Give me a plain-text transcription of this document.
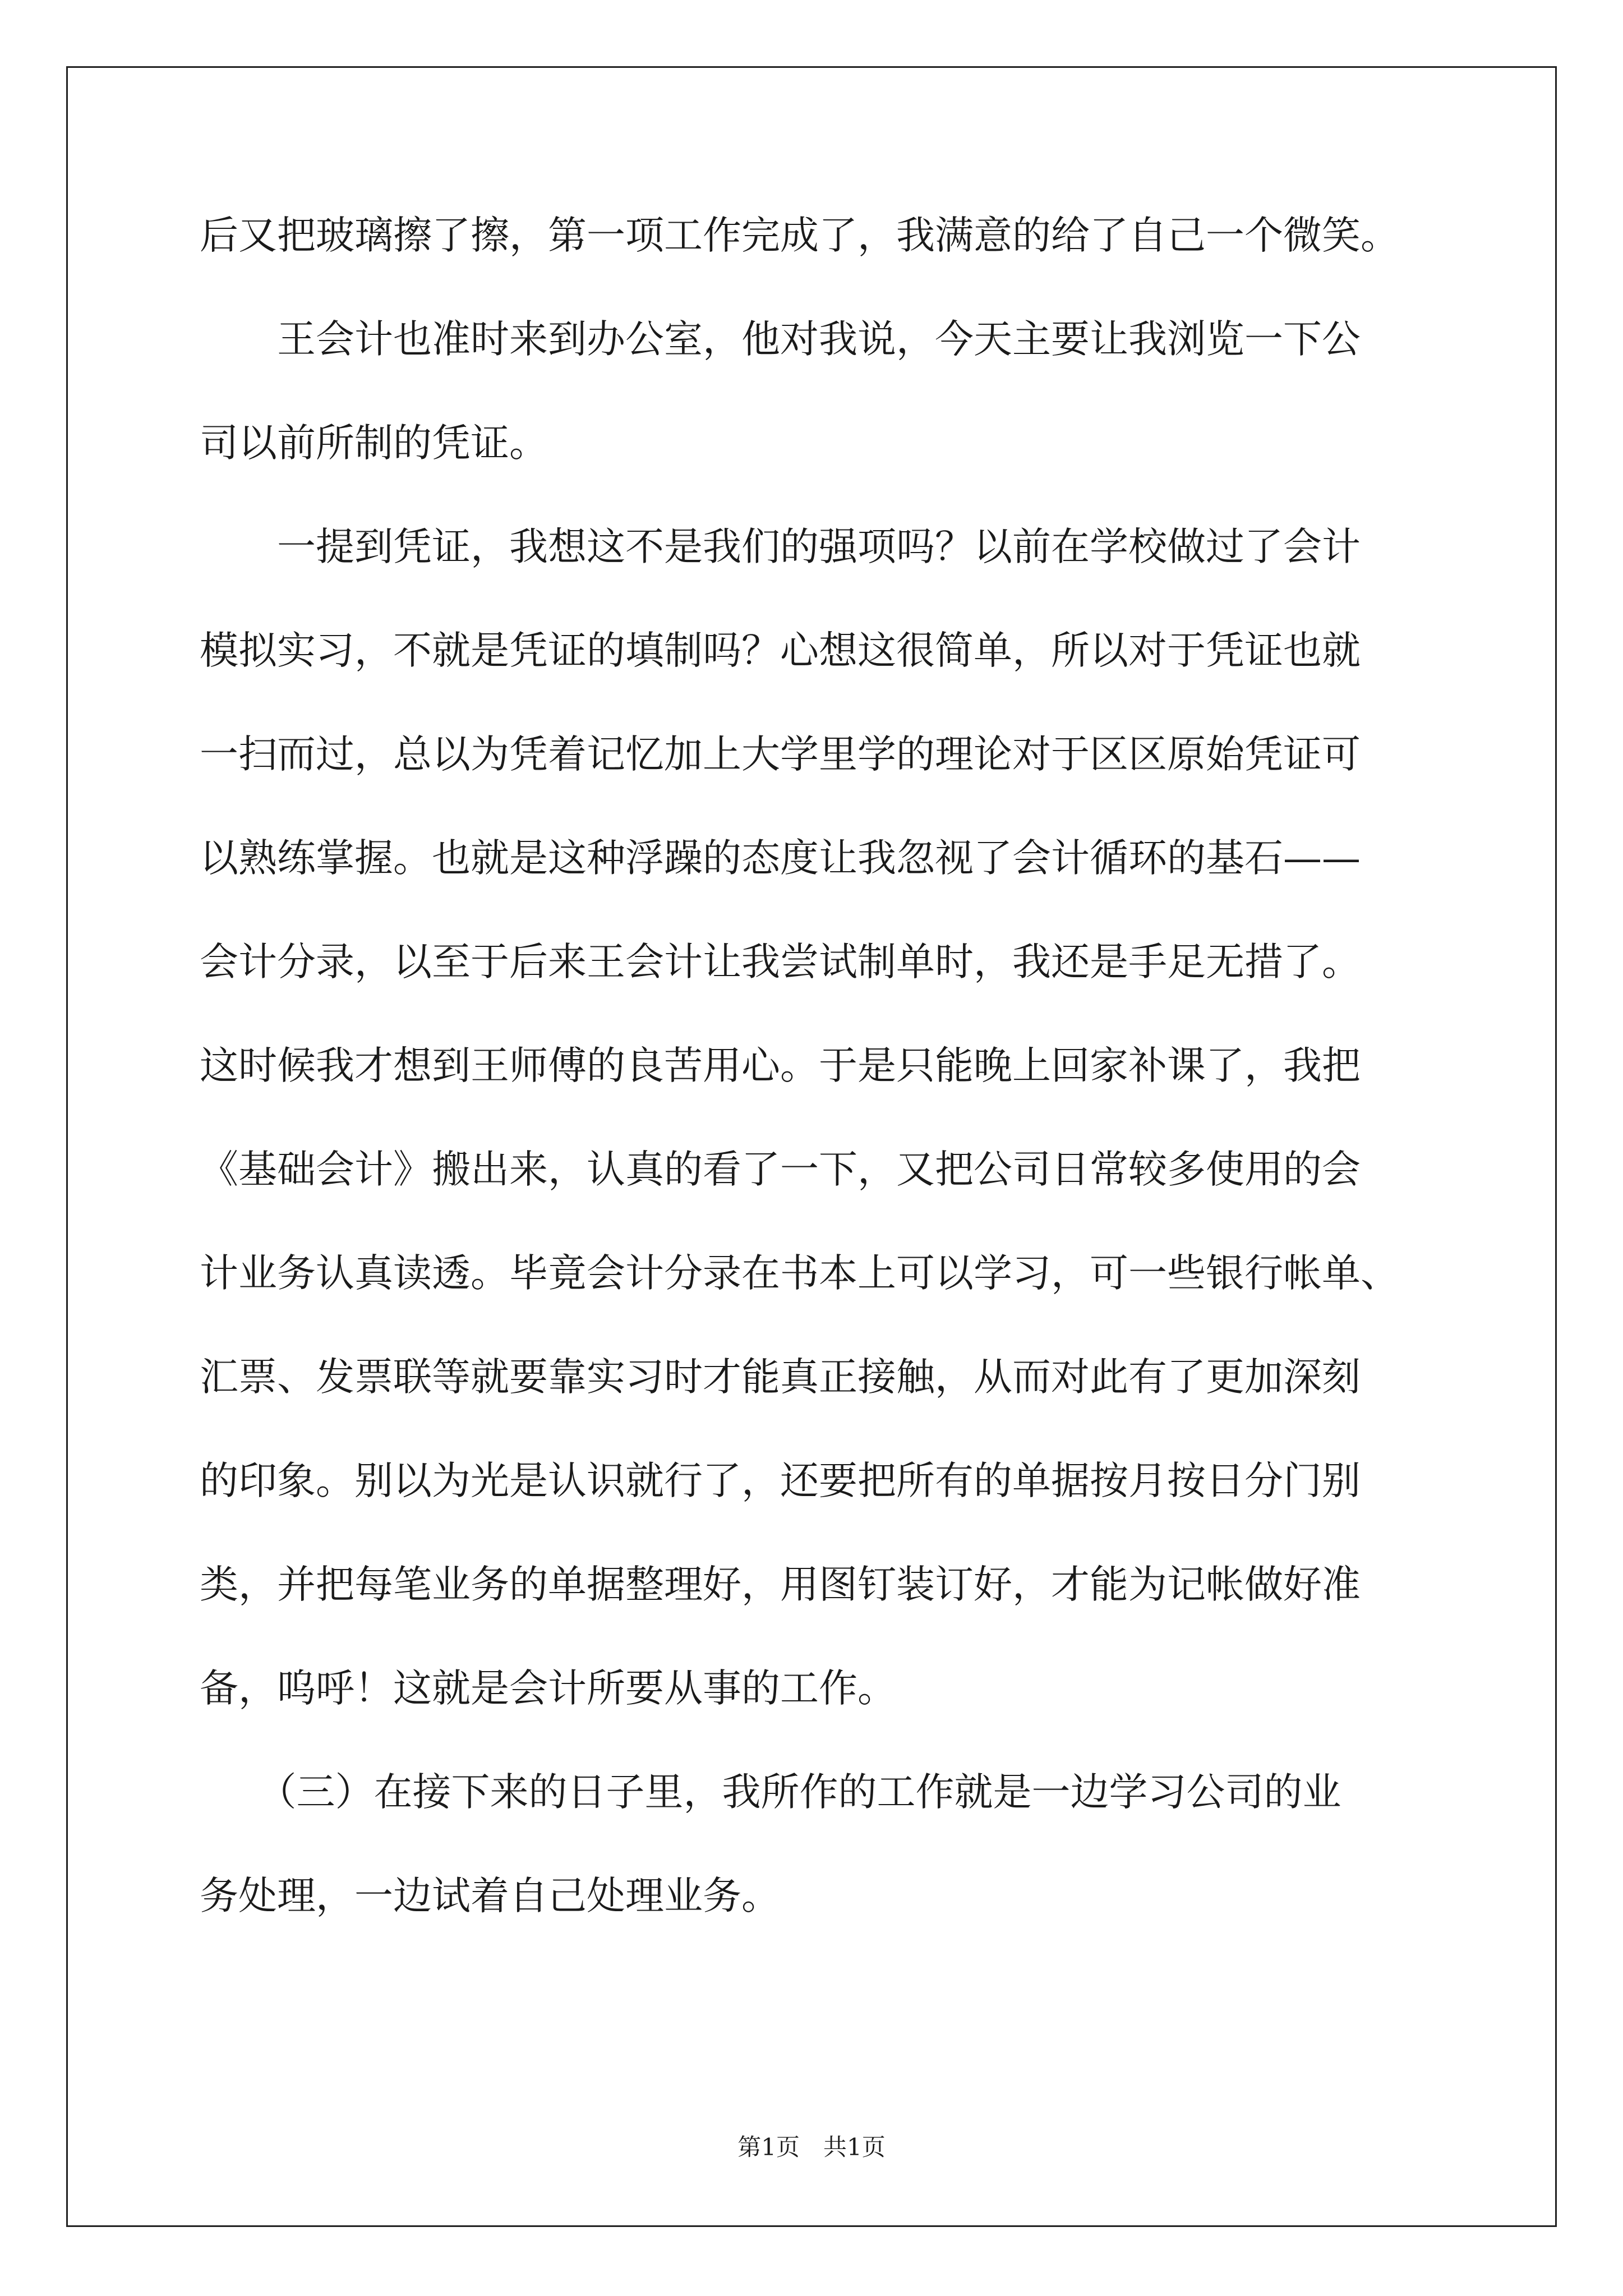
后又把玻璃擦了擦，第一项工作完成了，我满意的给了自己一个微笑。
　　王会计也准时来到办公室，他对我说，今天主要让我浏览一下公
司以前所制的凭证。
　　一提到凭证，我想这不是我们的强项吗？以前在学校做过了会计
模拟实习，不就是凭证的填制吗？心想这很简单，所以对于凭证也就
一扫而过，总以为凭着记忆加上大学里学的理论对于区区原始凭证可
以熟练掌握。也就是这种浮躁的态度让我忽视了会计循环的基石——
会计分录，以至于后来王会计让我尝试制单时，我还是手足无措了。
这时候我才想到王师傅的良苦用心。于是只能晚上回家补课了，我把
《基础会计》搬出来，认真的看了一下，又把公司日常较多使用的会
计业务认真读透。毕竟会计分录在书本上可以学习，可一些银行帐单、
汇票、发票联等就要靠实习时才能真正接触，从而对此有了更加深刻
的印象。别以为光是认识就行了，还要把所有的单据按月按日分门别
类，并把每笔业务的单据整理好，用图钉装订好，才能为记帐做好准
备，呜呼！这就是会计所要从事的工作。
　　（三）在接下来的日子里，我所作的工作就是一边学习公司的业
务处理，一边试着自己处理业务。
第1页　共1页
